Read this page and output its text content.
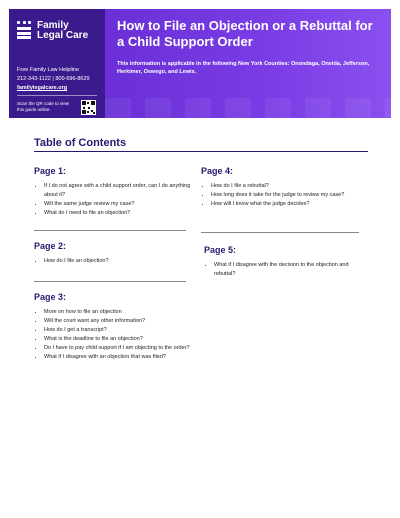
Family
Legal Care
Free Family Law Helpline
212-343-1122 | 800-696-8629
familylegalcare.org
Scan the QR code to view this guide online.
How to File an Objection or a Rebuttal for a Child Support Order
This information is applicable in the following New York Counties: Onondaga, Oneida, Jefferson, Herkimer, Oswego, and Lewis.
Table of Contents
Page 1:
• If I do not agree with a child support order, can I do anything about it?
• Will the same judge review my case?
• What do I need to file an objection?
Page 2:
• How do I file an objection?
Page 3:
• More on how to file an objection
• Will the court want any other information?
• How do I get a transcript?
• What is the deadline to file an objection?
• Do I have to pay child support if I am objecting to the order?
• What if I disagree with an objection that was filed?
Page 4:
• How do I file a rebuttal?
• How long does it take for the judge to review my case?
• How will I know what the judge decides?
Page 5:
• What if I disagree with the decision to the objection and rebuttal?
